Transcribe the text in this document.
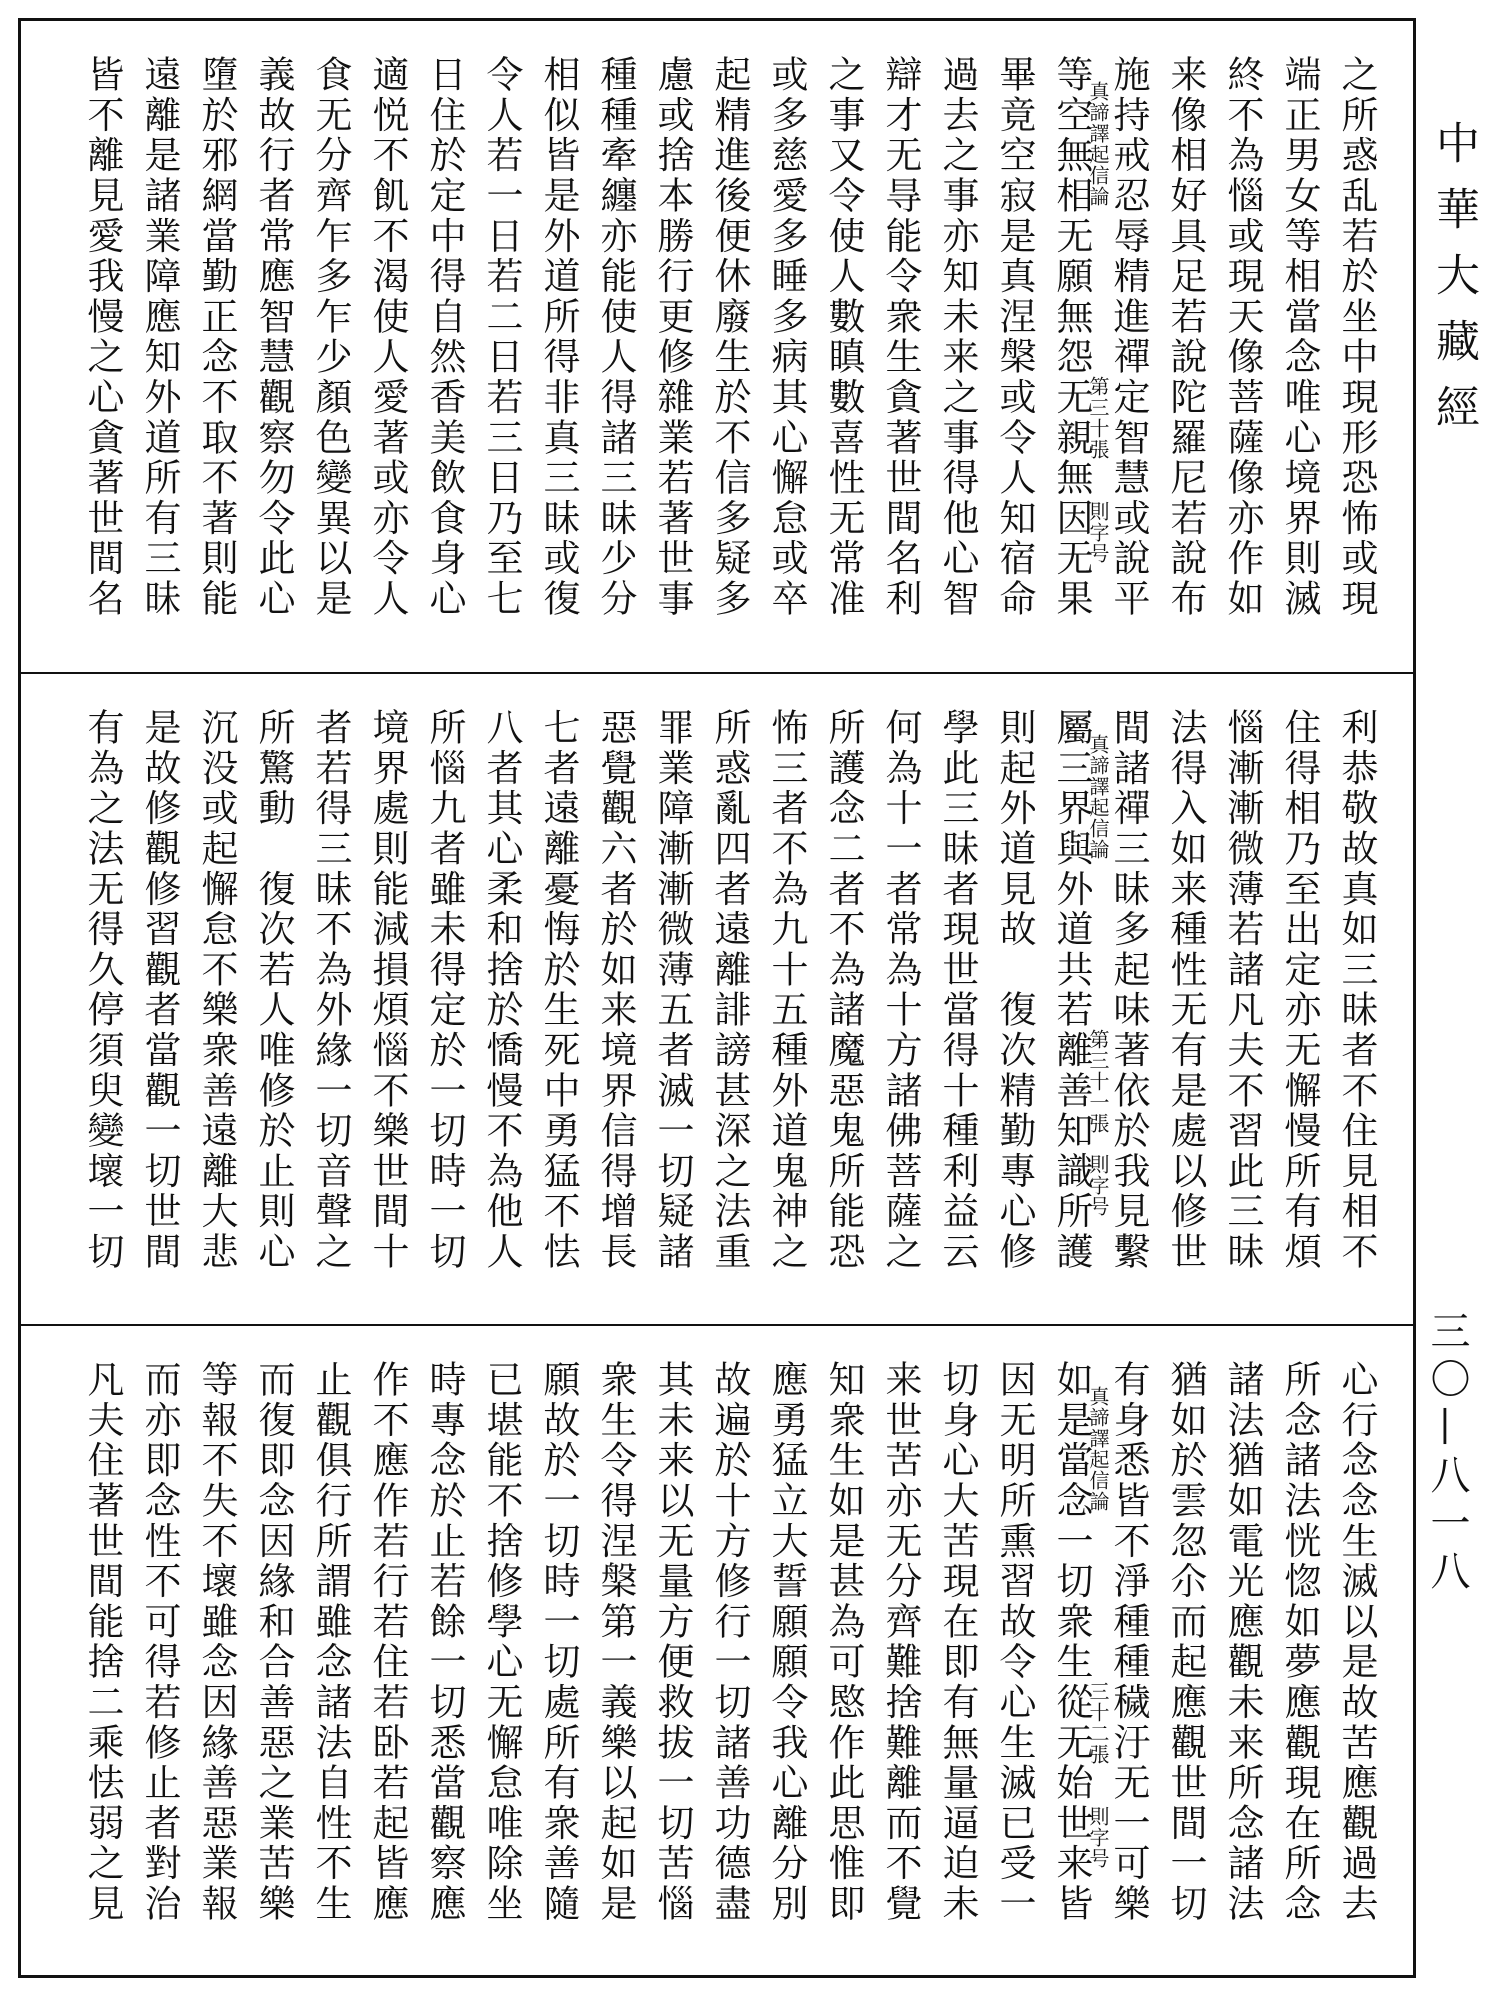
之所惑乱若於坐中現形恐怖或現
端正男女等相當念唯心境界則滅
終不為惱或現天像菩薩像亦作如
来像相好具足若說陀羅尼若說布
施持戒忍辱精進禪定智慧或說平
等空無相无願無怨无親無因无果
畢竟空寂是真涅槃或令人知宿命
過去之事亦知未来之事得他心智
辯才无㝵能令衆生貪著世間名利
之事又令使人數瞋數喜性无常准
或多慈愛多睡多病其心懈怠或卒
起精進後便休廢生於不信多疑多
慮或捨本勝行更修雜業若著世事
種種牽纏亦能使人得諸三昧少分
相似皆是外道所得非真三昧或復
令人若一日若二日若三日乃至七
日住於定中得自然香美飲食身心
適悦不飢不渴使人愛著或亦令人
食无分齊乍多乍少顏色變異以是
義故行者常應智慧觀察勿令此心
墮於邪網當勤正念不取不著則能
遠離是諸業障應知外道所有三昧
皆不離見愛我慢之心貪著世間名	真諦譯起信論
第三十張
則字号
利恭敬故真如三昧者不住見相不
住得相乃至出定亦无懈慢所有煩
惱漸漸微薄若諸凡夫不習此三昧
法得入如来種性无有是處以修世
間諸禪三昧多起味著依於我見繫
屬三界與外道共若離善知識所護
則起外道見故　復次精勤專心修
學此三昧者現世當得十種利益云
何為十一者常為十方諸佛菩薩之
所護念二者不為諸魔惡鬼所能恐
怖三者不為九十五種外道鬼神之
所惑亂四者遠離誹謗甚深之法重
罪業障漸漸微薄五者滅一切疑諸
惡覺觀六者於如来境界信得增長
七者遠離憂悔於生死中勇猛不怯
八者其心柔和捨於憍慢不為他人
所惱九者雖未得定於一切時一切
境界處則能減損煩惱不樂世間十
者若得三昧不為外緣一切音聲之
所驚動　復次若人唯修於止則心
沉没或起懈怠不樂衆善遠離大悲
是故修觀修習觀者當觀一切世間
有為之法无得久停須臾變壞一切	真諦譯起信論
第三十一張
則字号
心行念念生滅以是故苦應觀過去
所念諸法恍惚如夢應觀現在所念
諸法猶如電光應觀未来所念諸法
猶如於雲忽尒而起應觀世間一切
有身悉皆不淨種種穢汙无一可樂
如是當念一切衆生從无始世来皆
因无明所熏習故令心生滅已受一
切身心大苦現在即有無量逼迫未
来世苦亦无分齊難捨難離而不覺
知衆生如是甚為可愍作此思惟即
應勇猛立大誓願願令我心離分別
故遍於十方修行一切諸善功德盡
其未来以无量方便救拔一切苦惱
衆生令得涅槃第一義樂以起如是
願故於一切時一切處所有衆善隨
已堪能不捨修學心无懈怠唯除坐
時專念於止若餘一切悉當觀察應
作不應作若行若住若卧若起皆應
止觀俱行所謂雖念諸法自性不生
而復即念因緣和合善惡之業苦樂
等報不失不壞雖念因緣善惡業報
而亦即念性不可得若修止者對治
凡夫住著世間能捨二乘怯弱之見	真諦譯起信論
三十二張
則字号
中華大藏經
三〇—八一八
